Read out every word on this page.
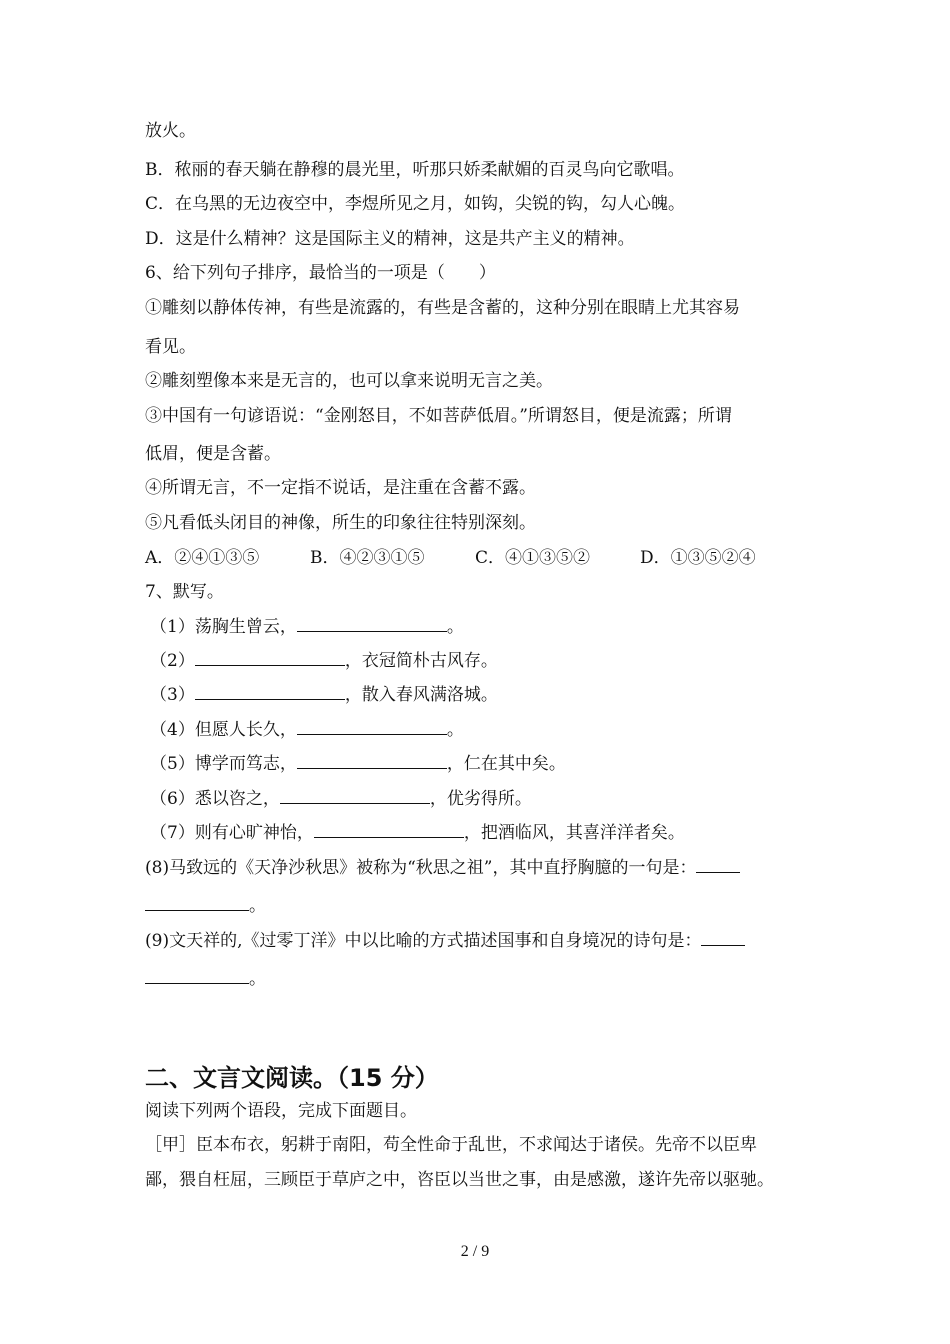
放火。
B．秾丽的春天躺在静穆的晨光里，听那只娇柔献媚的百灵鸟向它歌唱。
C．在乌黑的无边夜空中，李煜所见之月，如钩，尖锐的钩，勾人心魄。
D．这是什么精神？这是国际主义的精神，这是共产主义的精神。
6、给下列句子排序，最恰当的一项是（　　）
①雕刻以静体传神，有些是流露的，有些是含蓄的，这种分别在眼睛上尤其容易
看见。
②雕刻塑像本来是无言的，也可以拿来说明无言之美。
③中国有一句谚语说：“金刚怒目，不如菩萨低眉。”所谓怒目，便是流露；所谓
低眉，便是含蓄。
④所谓无言，不一定指不说话，是注重在含蓄不露。
⑤凡看低头闭目的神像，所生的印象往往特别深刻。
A．②④①③⑤	B．④②③①⑤	C．④①③⑤②	D．①③⑤②④
7、默写。
（1）荡胸生曾云，	。
（2）	，衣冠简朴古风存。
（3）	，散入春风满洛城。
（4）但愿人长久，	。
（5）博学而笃志，	，仁在其中矣。
（6）悉以咨之，	，优劣得所。
（7）则有心旷神怡，	，把酒临风，其喜洋洋者矣。
(8)马致远的《天净沙秋思》被称为“秋思之祖”，其中直抒胸臆的一句是：
。
(9)文天祥的,《过零丁洋》中以比喻的方式描述国事和自身境况的诗句是：
。
二、文言文阅读。（15 分）
阅读下列两个语段，完成下面题目。
［甲］臣本布衣，躬耕于南阳，苟全性命于乱世，不求闻达于诸侯。先帝不以臣卑
鄙，猥自枉屈，三顾臣于草庐之中，咨臣以当世之事，由是感激，遂许先帝以驱驰。
2 / 9
